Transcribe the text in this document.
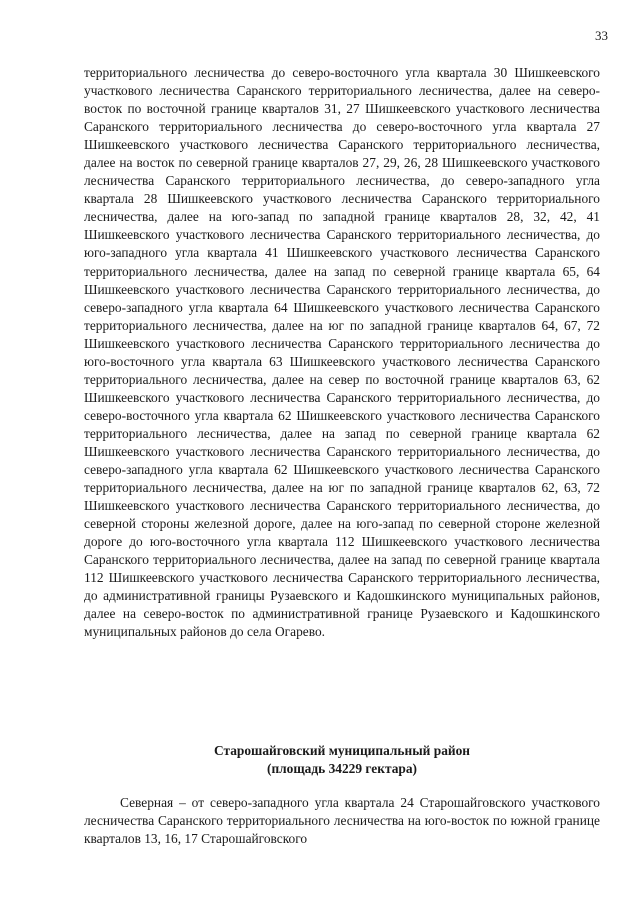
33

территориального лесничества до северо-восточного угла квартала 30 Шишкеевского участкового лесничества Саранского территориального лесничества, далее на северо-восток по восточной границе кварталов 31, 27 Шишкеевского участкового лесничества Саранского территориального лесничества до северо-восточного угла квартала 27 Шишкеевского участкового лесничества Саранского территориального лесничества, далее на восток по северной границе кварталов 27, 29, 26, 28 Шишкеевского участкового лесничества Саранского территориального лесничества, до северо-западного угла квартала 28 Шишкеевского участкового лесничества Саранского территориального лесничества, далее на юго-запад по западной границе кварталов 28, 32, 42, 41 Шишкеевского участкового лесничества Саранского территориального лесничества, до юго-западного угла квартала 41 Шишкеевского участкового лесничества Саранского территориального лесничества, далее на запад по северной границе квартала 65, 64 Шишкеевского участкового лесничества Саранского территориального лесничества, до северо-западного угла квартала 64 Шишкеевского участкового лесничества Саранского территориального лесничества, далее на юг по западной границе кварталов 64, 67, 72 Шишкеевского участкового лесничества Саранского территориального лесничества до юго-восточного угла квартала 63 Шишкеевского участкового лесничества Саранского территориального лесничества, далее на север по восточной границе кварталов 63, 62 Шишкеевского участкового лесничества Саранского территориального лесничества, до северо-восточного угла квартала 62 Шишкеевского участкового лесничества Саранского территориального лесничества, далее на запад по северной границе квартала 62 Шишкеевского участкового лесничества Саранского территориального лесничества, до северо-западного угла квартала 62 Шишкеевского участкового лесничества Саранского территориального лесничества, далее на юг по западной границе кварталов 62, 63, 72 Шишкеевского участкового лесничества Саранского территориального лесничества, до северной стороны железной дороге, далее на юго-запад по северной стороне железной дороге до юго-восточного угла квартала 112 Шишкеевского участкового лесничества Саранского территориального лесничества, далее на запад по северной границе квартала 112 Шишкеевского участкового лесничества Саранского территориального лесничества, до административной границы Рузаевского и Кадошкинского муниципальных районов, далее на северо-восток по административной границе Рузаевского и Кадошкинского муниципальных районов до села Огарево.

Старошайговский муниципальный район
(площадь 34229 гектара)

Северная – от северо-западного угла квартала 24 Старошайговского участкового лесничества Саранского территориального лесничества на юго-восток по южной границе кварталов 13, 16, 17 Старошайговского
